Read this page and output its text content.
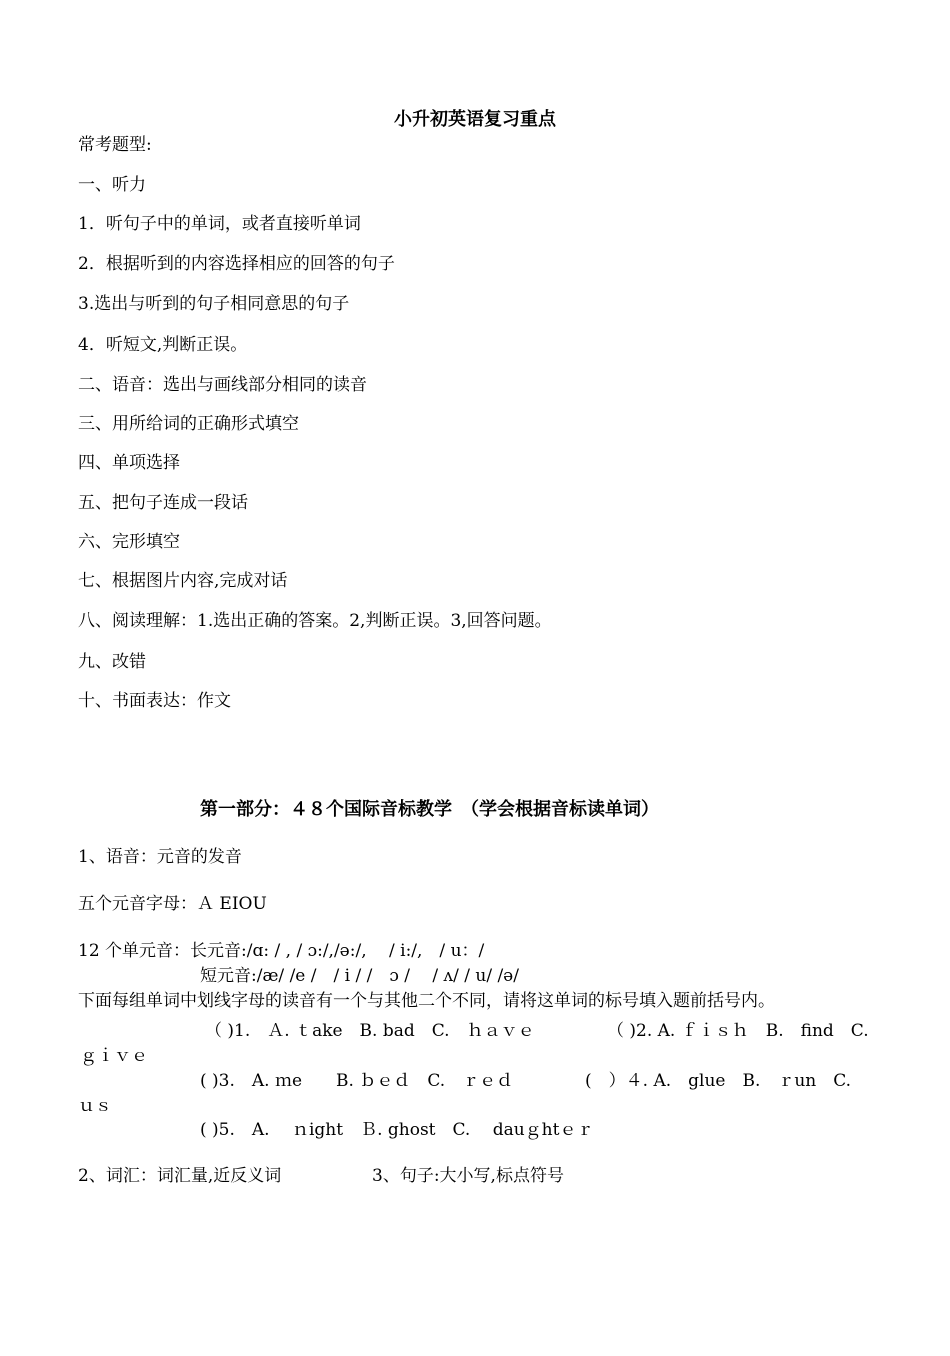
小升初英语复习重点
常考题型:
一、听力
1．听句子中的单词，或者直接听单词
2．根据听到的内容选择相应的回答的句子
3.选出与听到的句子相同意思的句子
4．听短文,判断正误。
二、语音：选出与画线部分相同的读音
三、用所给词的正确形式填空
四、单项选择
五、把句子连成一段话
六、完形填空
七、根据图片内容,完成对话
八、阅读理解：1.选出正确的答案。2,判断正误。3,回答问题。
九、改错
十、书面表达：作文
第一部分：４８个国际音标教学　（学会根据音标读单词）
1、语音：元音的发音
五个元音字母：Ａ EIOU
12 个单元音：长元音:/ɑ: / , / ɔ:/,/ə:/,　 / i:/,　/ u：/
短元音:/æ/ /e /　/ i / /　ɔ /　 / ʌ/ / u/ /ə/
下面每组单词中划线字母的读音有一个与其他二个不同，请将这单词的标号填入题前括号内。
（ )1.　Ａ. ｔake　B. bad　C.　ｈａｖｅ	（ )2. A. ｆｉｓｈ　B.　find　C.
ｇｉｖｅ
( )3.　A. ｍe　　B. ｂｅｄ　C.　ｒｅｄ	(　）４. A.　glue　B.　ｒun　C.
ｕｓ
( )5.　A.　 ｎight　Ｂ. ghost　C.　 dauｇhtｅｒ
2、词汇：词汇量,近反义词	3、句子:大小写,标点符号
